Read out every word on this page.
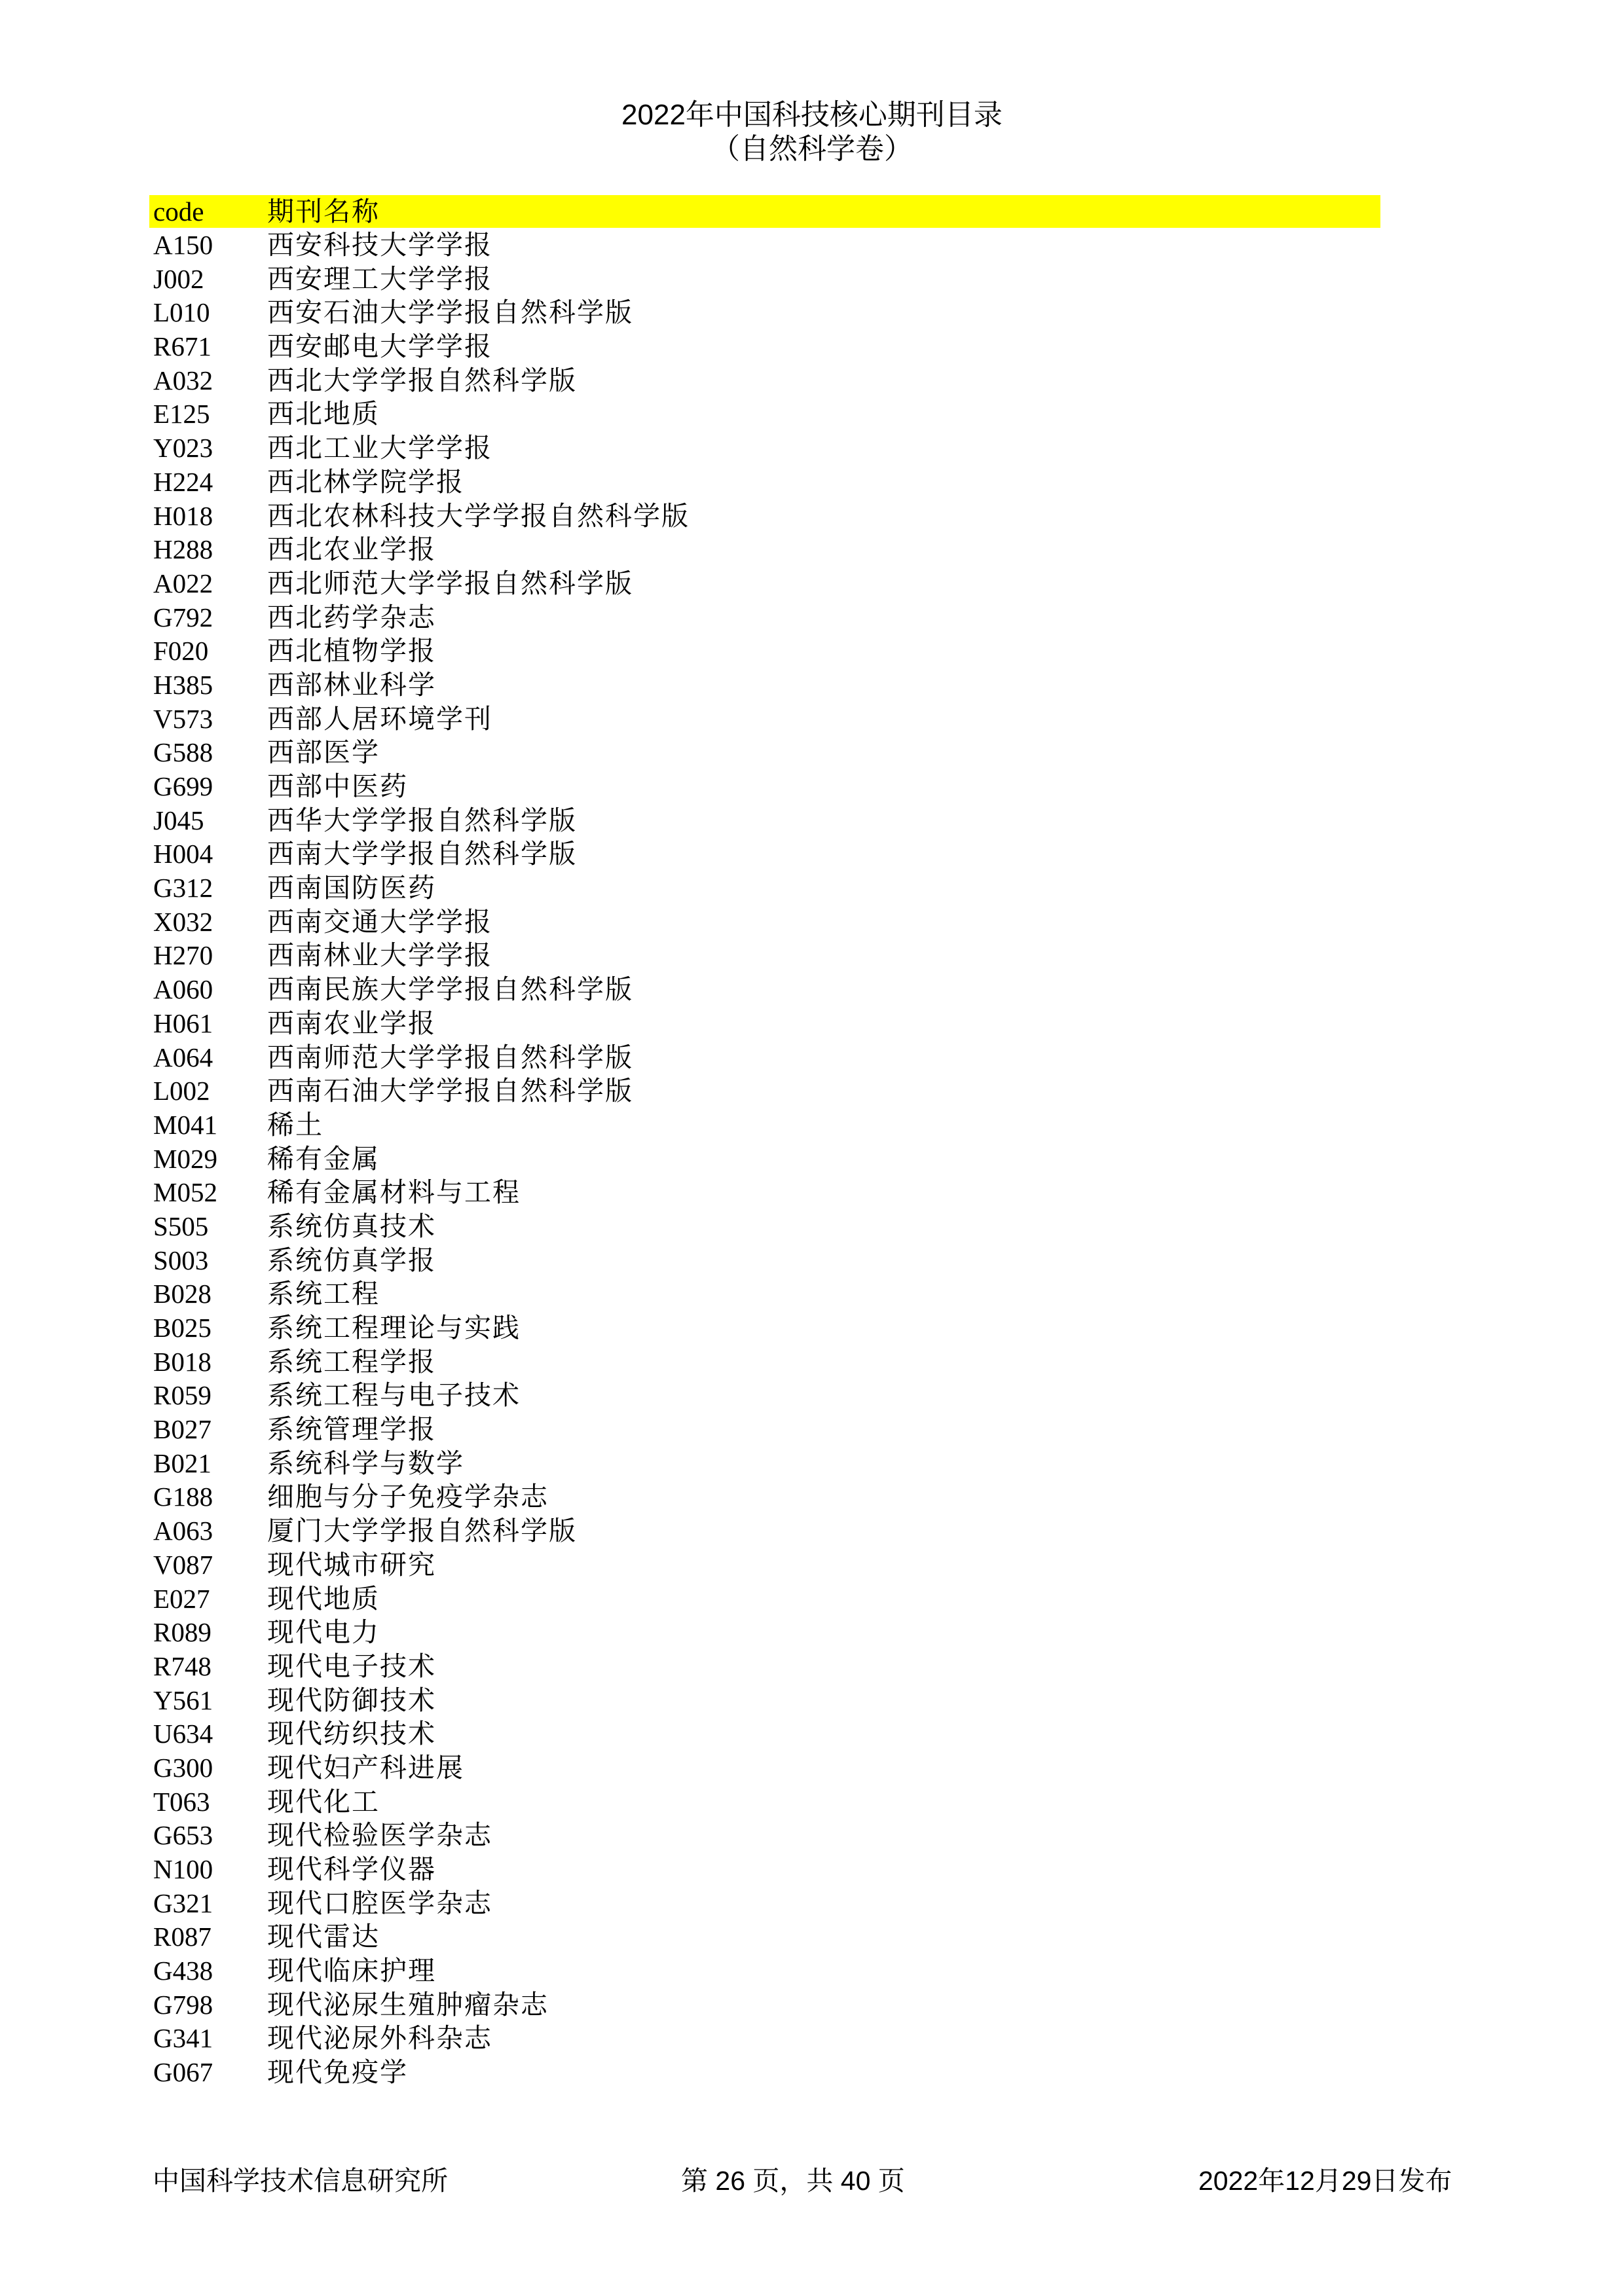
2022年中国科技核心期刊目录
（自然科学卷）
code 期刊名称
A150 西安科技大学学报
J002 西安理工大学学报
L010 西安石油大学学报自然科学版
R671 西安邮电大学学报
A032 西北大学学报自然科学版
E125 西北地质
Y023 西北工业大学学报
H224 西北林学院学报
H018 西北农林科技大学学报自然科学版
H288 西北农业学报
A022 西北师范大学学报自然科学版
G792 西北药学杂志
F020 西北植物学报
H385 西部林业科学
V573 西部人居环境学刊
G588 西部医学
G699 西部中医药
J045 西华大学学报自然科学版
H004 西南大学学报自然科学版
G312 西南国防医药
X032 西南交通大学学报
H270 西南林业大学学报
A060 西南民族大学学报自然科学版
H061 西南农业学报
A064 西南师范大学学报自然科学版
L002 西南石油大学学报自然科学版
M041 稀土
M029 稀有金属
M052 稀有金属材料与工程
S505 系统仿真技术
S003 系统仿真学报
B028 系统工程
B025 系统工程理论与实践
B018 系统工程学报
R059 系统工程与电子技术
B027 系统管理学报
B021 系统科学与数学
G188 细胞与分子免疫学杂志
A063 厦门大学学报自然科学版
V087 现代城市研究
E027 现代地质
R089 现代电力
R748 现代电子技术
Y561 现代防御技术
U634 现代纺织技术
G300 现代妇产科进展
T063 现代化工
G653 现代检验医学杂志
N100 现代科学仪器
G321 现代口腔医学杂志
R087 现代雷达
G438 现代临床护理
G798 现代泌尿生殖肿瘤杂志
G341 现代泌尿外科杂志
G067 现代免疫学
中国科学技术信息研究所	第 26 页，共 40 页	2022年12月29日发布
